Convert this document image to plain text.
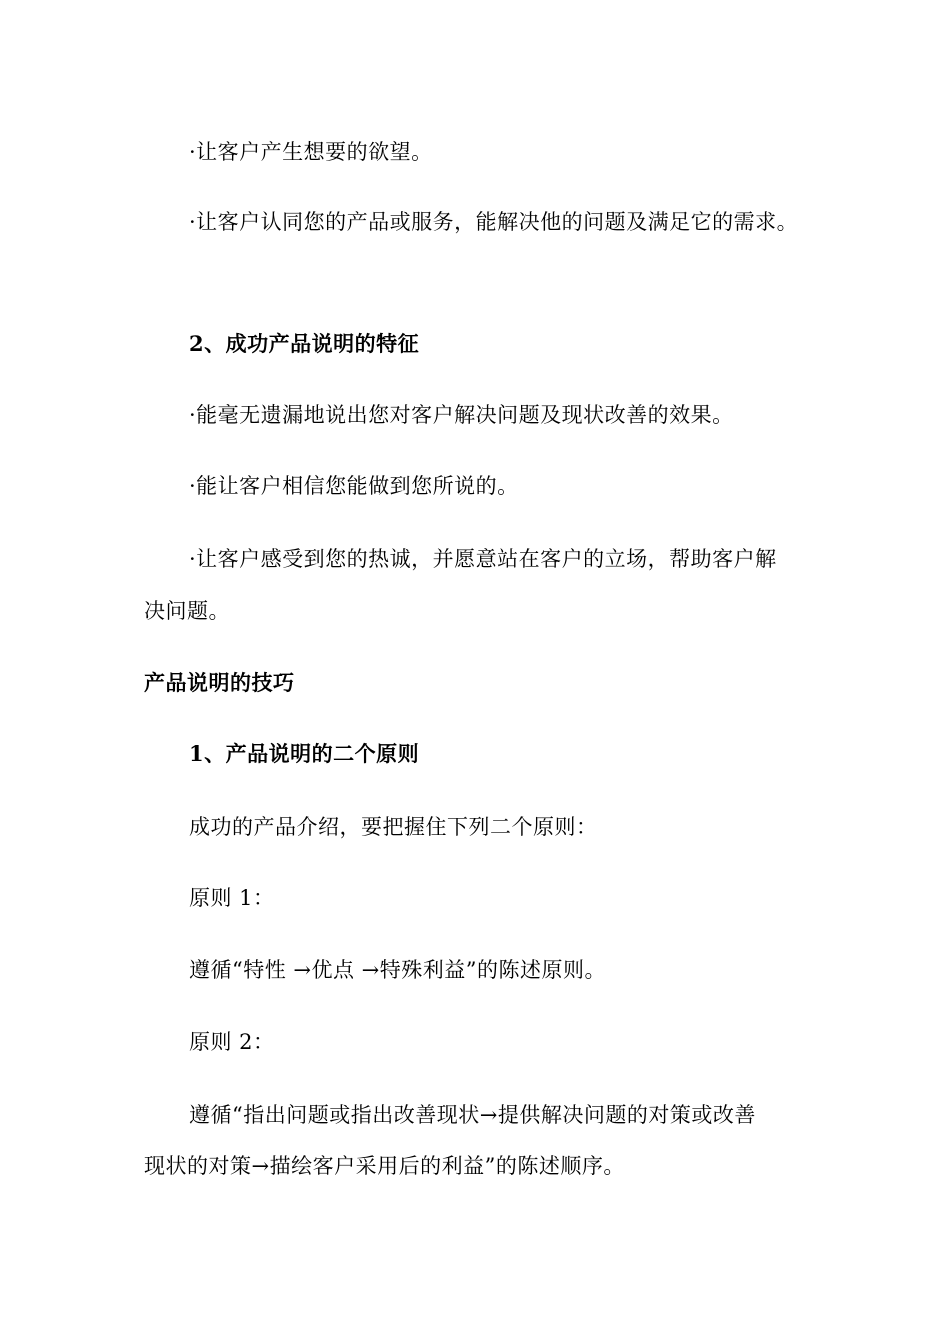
·让客户产生想要的欲望。
·让客户认同您的产品或服务，能解决他的问题及满足它的需求。
2、成功产品说明的特征
·能毫无遗漏地说出您对客户解决问题及现状改善的效果。
·能让客户相信您能做到您所说的。
·让客户感受到您的热诚，并愿意站在客户的立场，帮助客户解
决问题。
产品说明的技巧
1、产品说明的二个原则
成功的产品介绍，要把握住下列二个原则：
原则 1：
遵循“特性 →优点 →特殊利益”的陈述原则。
原则 2：
遵循“指出问题或指出改善现状→提供解决问题的对策或改善
现状的对策→描绘客户采用后的利益”的陈述顺序。
